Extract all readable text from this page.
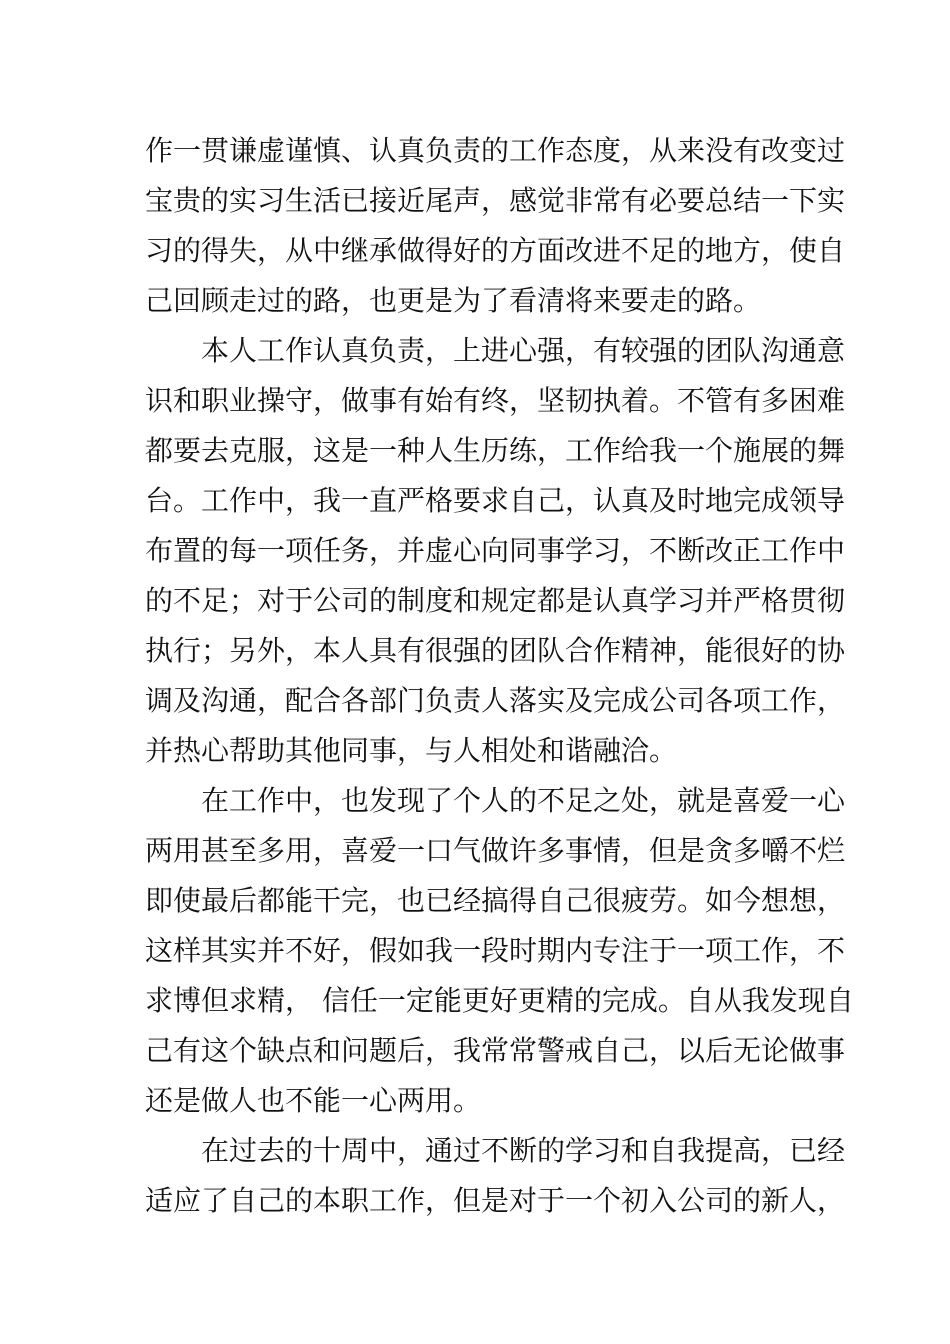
作一贯谦虚谨慎、认真负责的工作态度，从来没有改变过
宝贵的实习生活已接近尾声，感觉非常有必要总结一下实
习的得失，从中继承做得好的方面改进不足的地方，使自
己回顾走过的路，也更是为了看清将来要走的路。
本人工作认真负责，上进心强，有较强的团队沟通意
识和职业操守，做事有始有终，坚韧执着。不管有多困难
都要去克服，这是一种人生历练，工作给我一个施展的舞
台。工作中，我一直严格要求自己，认真及时地完成领导
布置的每一项任务，并虚心向同事学习，不断改正工作中
的不足；对于公司的制度和规定都是认真学习并严格贯彻
执行；另外，本人具有很强的团队合作精神，能很好的协
调及沟通，配合各部门负责人落实及完成公司各项工作，
并热心帮助其他同事，与人相处和谐融洽。
在工作中，也发现了个人的不足之处，就是喜爱一心
两用甚至多用，喜爱一口气做许多事情，但是贪多嚼不烂
即使最后都能干完，也已经搞得自己很疲劳。如今想想，
这样其实并不好，假如我一段时期内专注于一项工作，不
求博但求精， 信任一定能更好更精的完成。自从我发现自
己有这个缺点和问题后，我常常警戒自己，以后无论做事
还是做人也不能一心两用。
在过去的十周中，通过不断的学习和自我提高，已经
适应了自己的本职工作，但是对于一个初入公司的新人，
